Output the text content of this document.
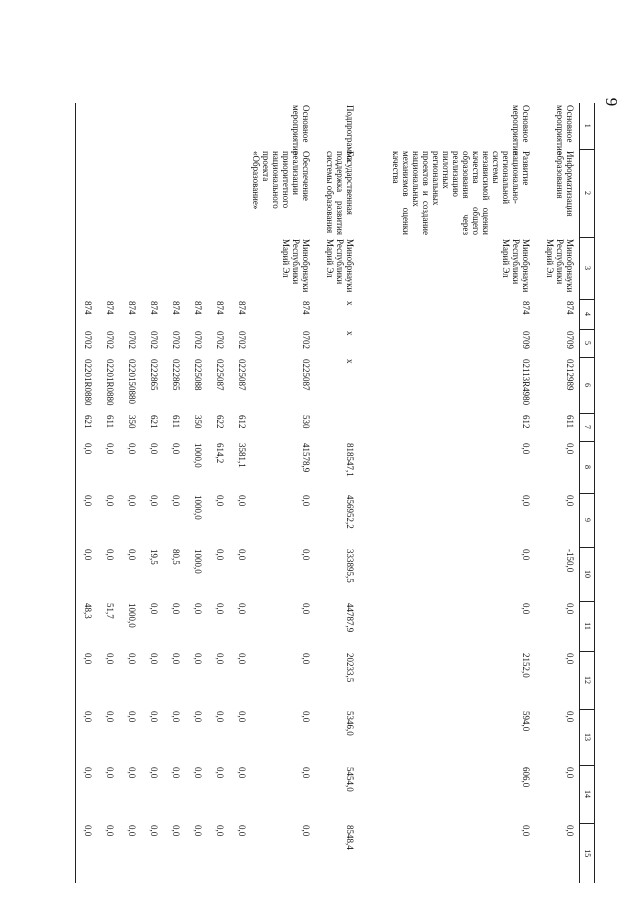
9
1	2	3	4	5	6	7	8	9	10	11	12	13	14	15
Основное мероприятие	Информатизация образования	Минобрнауки Республики Марий Эл	874	0709	0212989	611	0,0	0,0	-150,0	0,0	0,0	0,0	0,0	0,0
Основное мероприятие	Развитие национально-региональной системы независимой оценки качества общего образования через реализацию пилотных региональных проектов и создание национальных механизмов оценки качества	Минобрнауки Республики Марий Эл	874	0709	02113R4980	612	0,0	0,0	0,0	0,0	2152,0	594,0	606,0	0,0
Подпрограмма	Государственная поддержка развития системы образования	Минобрнауки Республики Марий Эл	х	х	х		818547,1	456952,2	333895,5	44787,9	20233,5	5346,0	5454,0	8548,4
Основное мероприятие	Обеспечение реализации приоритетного национального проекта «Образование»	Минобрнауки Республики Марий Эл	874	0702	0225087	530	41578,9	0,0	0,0	0,0	0,0	0,0	0,0	0,0
			874	0702	0225087	612	3581,1	0,0	0,0	0,0	0,0	0,0	0,0	0,0
			874	0702	0225087	622	614,2	0,0	0,0	0,0	0,0	0,0	0,0	0,0
			874	0702	0225088	350	1000,0	1000,0	1000,0	0,0	0,0	0,0	0,0	0,0
			874	0702	0222865	611	0,0	0,0	80,5	0,0	0,0	0,0	0,0	0,0
			874	0702	0222865	621	0,0	0,0	19,5	0,0	0,0	0,0	0,0	0,0
			874	0702	0220150880	350	0,0	0,0	0,0	1000,0	0,0	0,0	0,0	0,0
			874	0702	02201R0880	611	0,0	0,0	0,0	51,7	0,0	0,0	0,0	0,0
			874	0702	02201R0880	621	0,0	0,0	0,0	48,3	0,0	0,0	0,0	0,0
